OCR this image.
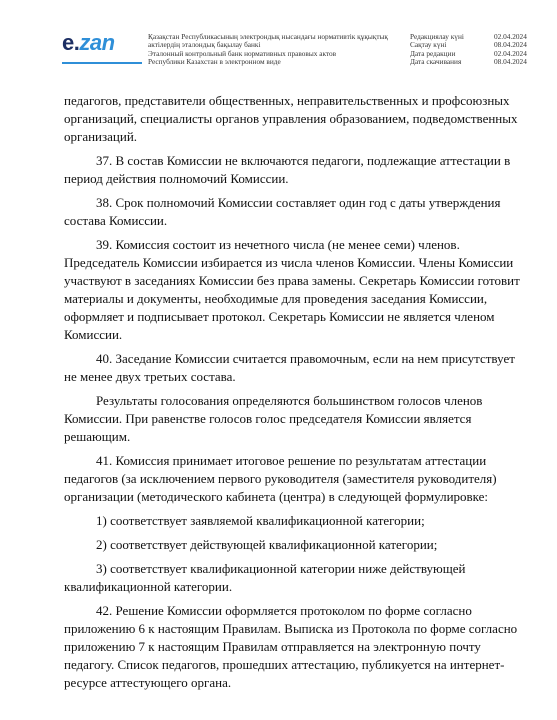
e.zan	Қазақстан Республикасының электрондық нысандағы нормативтік құқықтық
актілердің эталондық бақылау банкі
Эталонный контрольный банк нормативных правовых актов
Республики Казахстан в электронном виде
Редакциялау күні	02.04.2024
Сақтау күні	08.04.2024
Дата редакции	02.04.2024
Дата скачивания	08.04.2024

педагогов, представители общественных, неправительственных и профсоюзных
организаций, специалисты органов управления образованием, подведомственных
организаций.

37. В состав Комиссии не включаются педагоги, подлежащие аттестации в
период действия полномочий Комиссии.

38. Срок полномочий Комиссии составляет один год с даты утверждения
состава Комиссии.

39. Комиссия состоит из нечетного числа (не менее семи) членов.
Председатель Комиссии избирается из числа членов Комиссии. Члены Комиссии
участвуют в заседаниях Комиссии без права замены. Секретарь Комиссии готовит
материалы и документы, необходимые для проведения заседания Комиссии,
оформляет и подписывает протокол. Секретарь Комиссии не является членом
Комиссии.

40. Заседание Комиссии считается правомочным, если на нем присутствует
не менее двух третьих состава.

Результаты голосования определяются большинством голосов членов
Комиссии. При равенстве голосов голос председателя Комиссии является
решающим.

41. Комиссия принимает итоговое решение по результатам аттестации
педагогов (за исключением первого руководителя (заместителя руководителя)
организации (методического кабинета (центра) в следующей формулировке:

1) соответствует заявляемой квалификационной категории;

2) соответствует действующей квалификационной категории;

3) соответствует квалификационной категории ниже действующей
квалификационной категории.

42. Решение Комиссии оформляется протоколом по форме согласно
приложению 6 к настоящим Правилам. Выписка из Протокола по форме согласно
приложению 7 к настоящим Правилам отправляется на электронную почту
педагогу. Список педагогов, прошедших аттестацию, публикуется на интернет-
ресурсе аттестующего органа.
